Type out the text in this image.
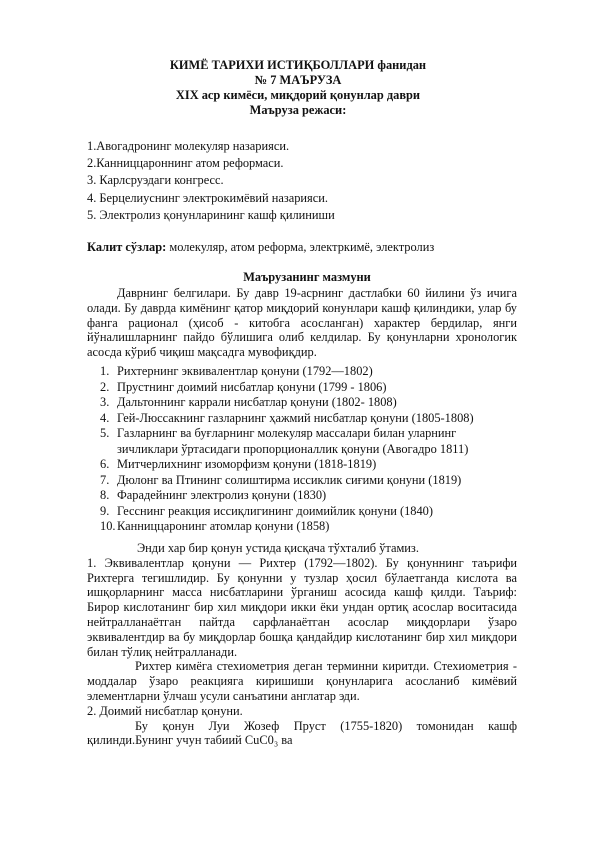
КИМЁ ТАРИХИ ИСТИҚБОЛЛАРИ фанидан
№ 7 МАЪРУЗА
XIX аср кимёси, миқдорий қонунлар даври
Маъруза режаси:
1.Авогадронинг молекуляр назарияси.
2.Канниццароннинг атом реформаси.
3. Карлсруэдаги конгресс.
4. Берцелиуснинг электрокимёвий назарияси.
5. Электролиз қонунларининг кашф қилиниши
Калит сўзлар: молекуляр, атом реформа, электркимё, электролиз
Маърузанинг мазмуни

Даврнинг белгилари. Бу давр 19-асрнинг дастлабки 60 йилини ўз ичига олади. Бу даврда кимёнинг қатор миқдорий конунлари кашф қилиндики, улар бу фанга рационал (ҳисоб - китобга асосланган) характер бердилар, янги йўналишларнинг пайдо бўлишига олиб келдилар. Бу қонунларни хронологик асосда кўриб чиқиш мақсадга мувофиқдир.

1. Рихтернинг эквивалентлар қонуни (1792—1802)
2. Прустнинг доимий нисбатлар қонуни (1799 - 1806)
3. Дальтоннинг каррали нисбатлар қонуни (1802- 1808)
4. Гей-Люссакнинг газларнинг ҳажмий нисбатлар қонуни (1805-1808)
5. Газларнинг ва буғларнинг молекуляр массалари билан уларнинг зичликлари ўртасидаги пропорционаллик қонуни (Авогадро 1811)
6. Митчерлихнинг изоморфизм қонуни (1818-1819)
7. Дюлонг ва Птининг солиштирма иссиклик сиғими қонуни (1819)
8. Фарадейнинг электролиз қонуни (1830)
9. Гесснинг реакция иссиқлигининг доимийлик қонуни (1840)
10. Канниццаронинг атомлар қонуни (1858)

Энди хар бир қонун устида қисқача тўхталиб ўтамиз.

1. Эквивалентлар қонуни — Рихтер (1792—1802). Бу қонуннинг таърифи Рихтерга тегишлидир. Бу қонунни у тузлар ҳосил бўлаетганда кислота ва ишқорларнинг масса нисбатларини ўрганиш асосида кашф қилди. Таъриф: Бирор кислотанинг бир хил миқдори икки ёки ундан ортиқ асослар воситасида нейтралланаётган пайтда сарфланаётган асослар миқдорлари ўзаро эквивалентдир ва бу миқдорлар бошқа қандайдир кислотанинг бир хил миқдори билан тўлиқ нейтралланади.

Рихтер кимёга стехиометрия деган терминни киритди. Стехиометрия - моддалар ўзаро реакцияга киришиши қонунларига асосланиб кимёвий элементларни ўлчаш усули санъатини англатар эди.

2. Доимий нисбатлар қонуни.

Бу қонун Луи Жозеф Пруст (1755-1820) томонидан кашф қилинди.Бунинг учун табиий CuC0₃ ва
